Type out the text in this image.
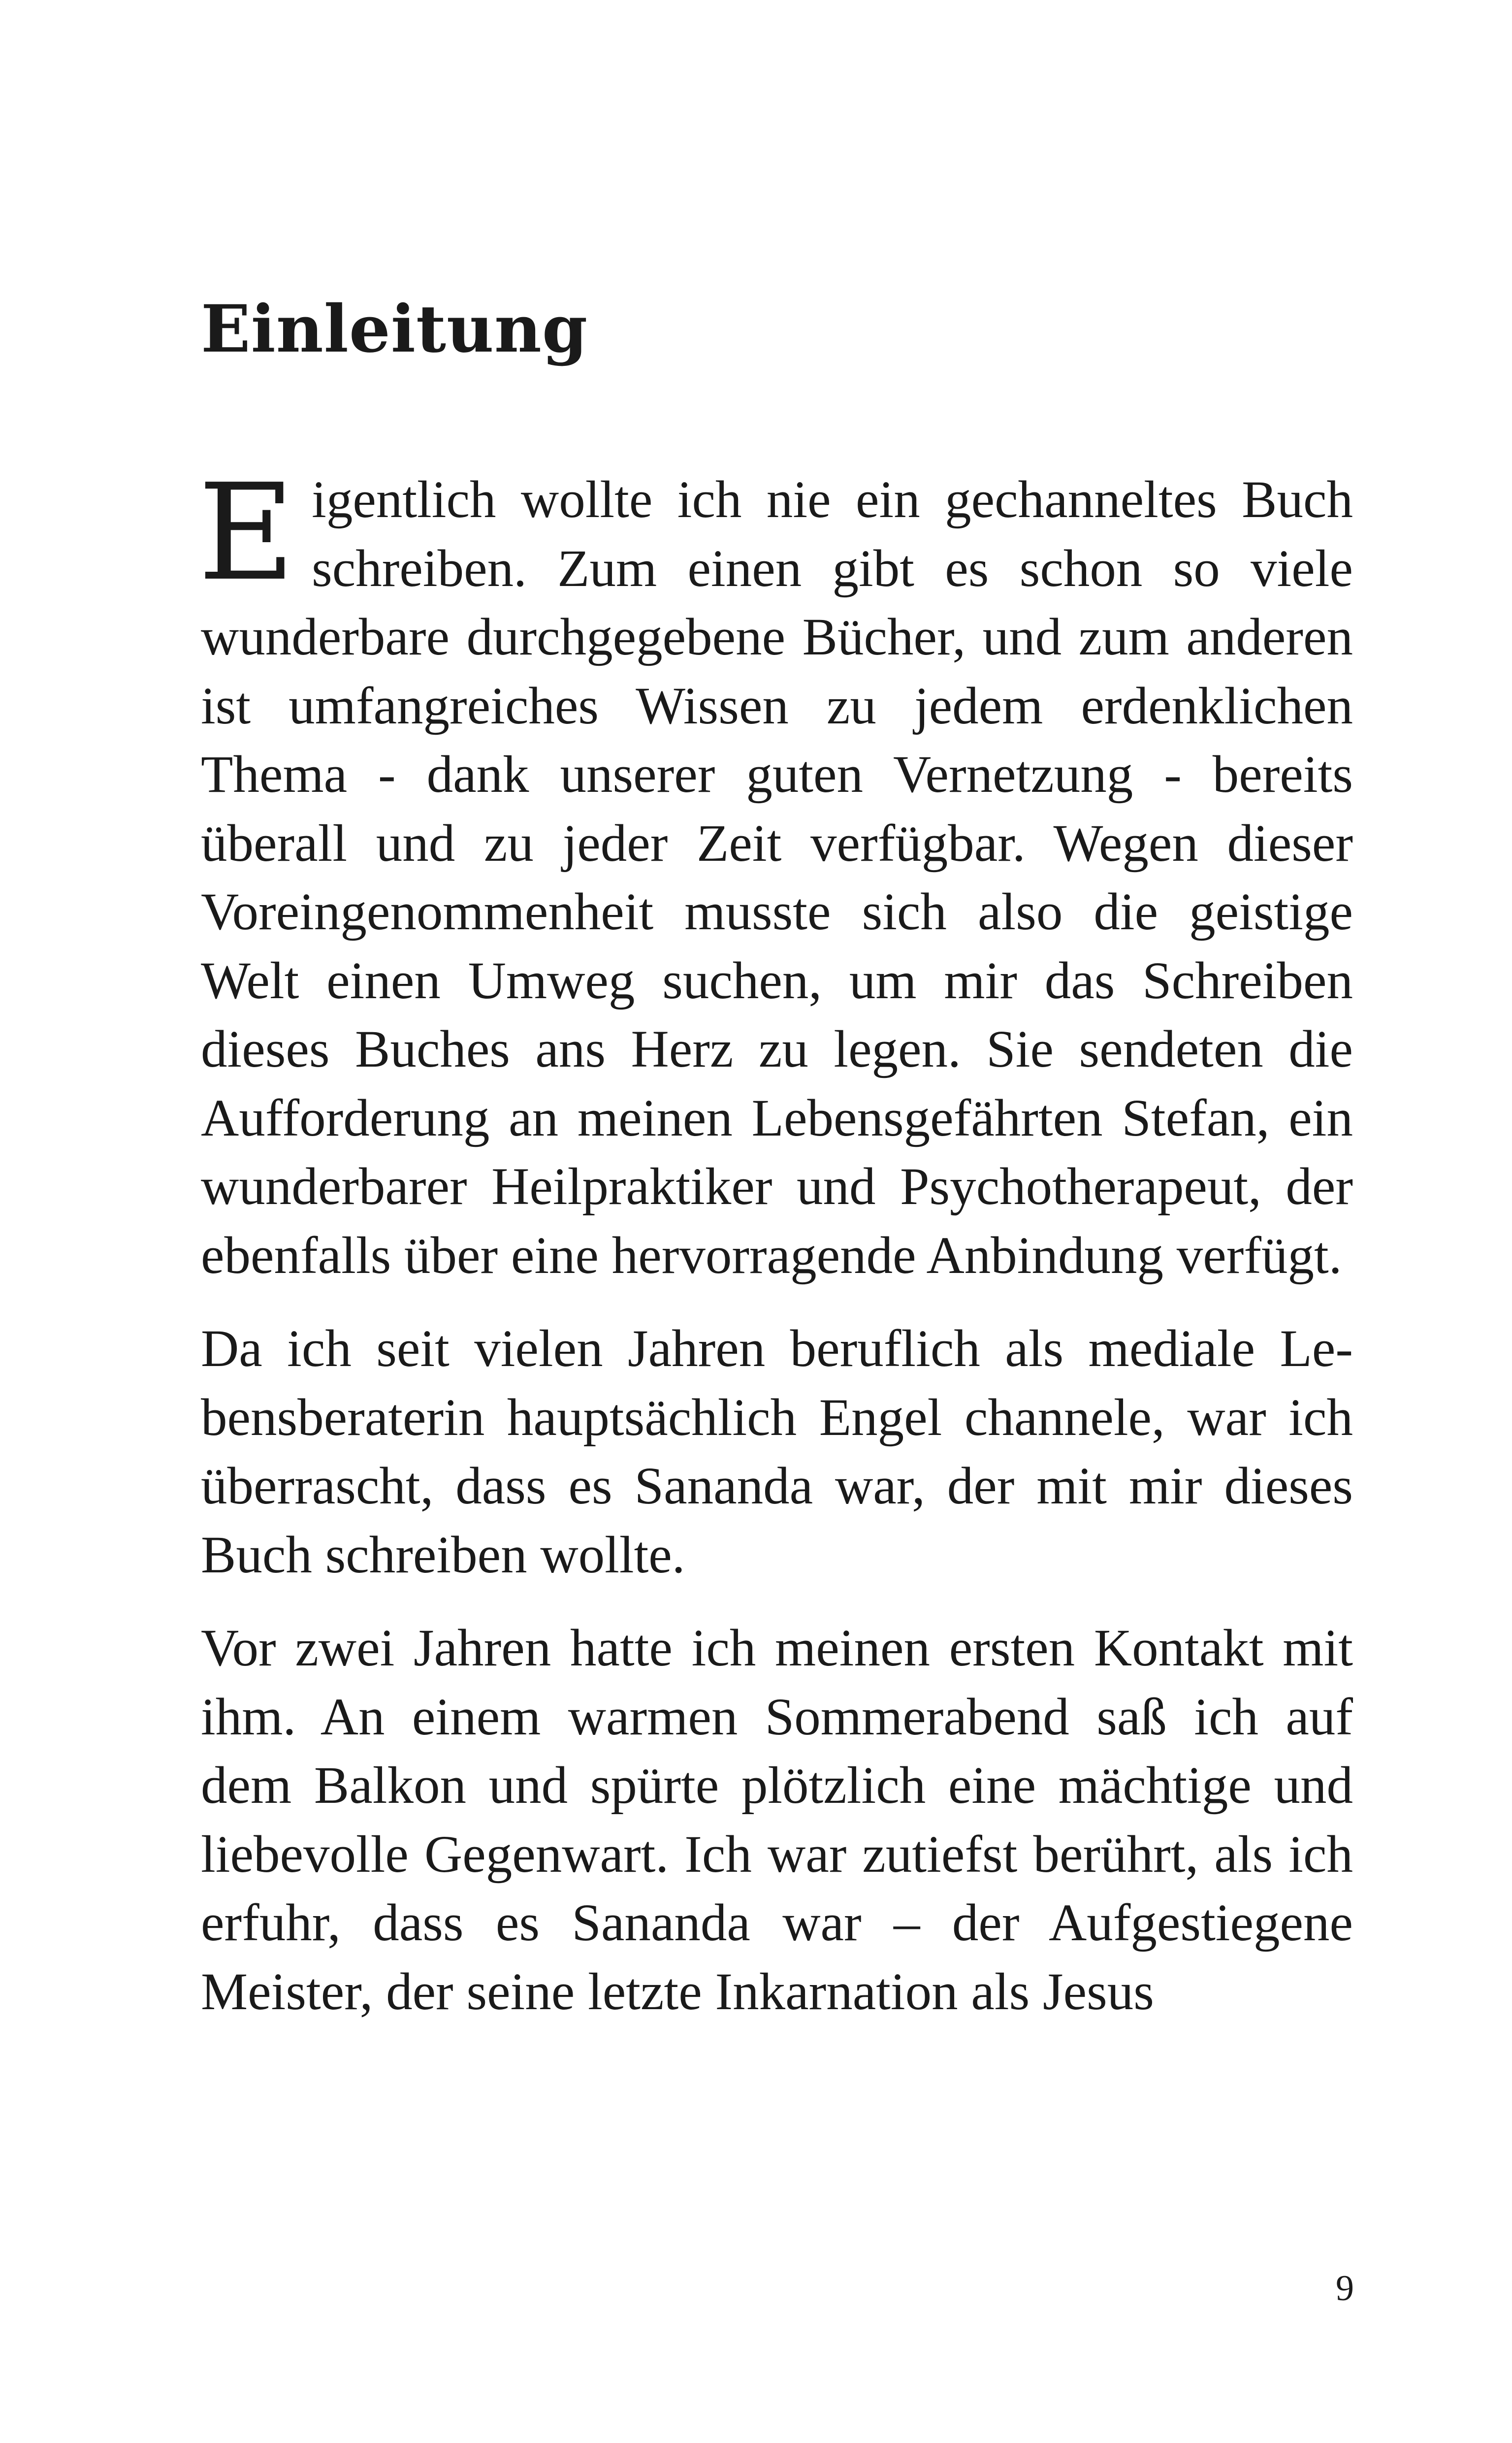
Einleitung

Eigentlich wollte ich nie ein gechanneltes Buch schreiben. Zum einen gibt es schon so viele wunderbare durchgegebene Bücher, und zum anderen ist umfangreiches Wissen zu jedem erdenklichen Thema - dank unserer guten Vernetzung - bereits überall und zu jeder Zeit verfügbar. Wegen dieser Voreingenommenheit musste sich also die geistige Welt einen Umweg suchen, um mir das Schreiben dieses Buches ans Herz zu legen. Sie sendeten die Aufforderung an meinen Lebensgefährten Stefan, ein wunderbarer Heilpraktiker und Psychotherapeut, der ebenfalls über eine hervorragende Anbindung verfügt.

Da ich seit vielen Jahren beruflich als mediale Lebensberaterin hauptsächlich Engel channele, war ich überrascht, dass es Sananda war, der mit mir dieses Buch schreiben wollte.

Vor zwei Jahren hatte ich meinen ersten Kontakt mit ihm. An einem warmen Sommerabend saß ich auf dem Balkon und spürte plötzlich eine mächtige und liebevolle Gegenwart. Ich war zutiefst berührt, als ich erfuhr, dass es Sananda war – der Aufgestiegene Meister, der seine letzte Inkarnation als Jesus

9
